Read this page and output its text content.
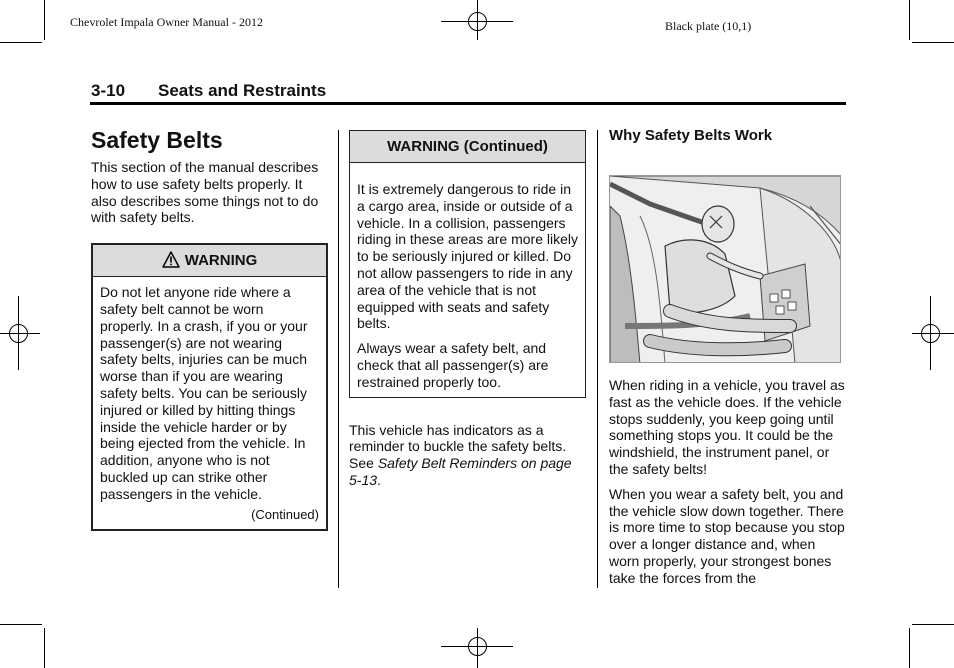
Chevrolet Impala Owner Manual - 2012	Black plate (10,1)
3-10 Seats and Restraints
Safety Belts

This section of the manual describes how to use safety belts properly. It also describes some things not to do with safety belts.

WARNING

Do not let anyone ride where a safety belt cannot be worn properly. In a crash, if you or your passenger(s) are not wearing safety belts, injuries can be much worse than if you are wearing safety belts. You can be seriously injured or killed by hitting things inside the vehicle harder or by being ejected from the vehicle. In addition, anyone who is not buckled up can strike other passengers in the vehicle.

(Continued)
WARNING (Continued)

It is extremely dangerous to ride in a cargo area, inside or outside of a vehicle. In a collision, passengers riding in these areas are more likely to be seriously injured or killed. Do not allow passengers to ride in any area of the vehicle that is not equipped with seats and safety belts.

Always wear a safety belt, and check that all passenger(s) are restrained properly too.

This vehicle has indicators as a reminder to buckle the safety belts. See Safety Belt Reminders on page 5-13.

Why Safety Belts Work

When riding in a vehicle, you travel as fast as the vehicle does. If the vehicle stops suddenly, you keep going until something stops you. It could be the windshield, the instrument panel, or the safety belts!

When you wear a safety belt, you and the vehicle slow down together. There is more time to stop because you stop over a longer distance and, when worn properly, your strongest bones take the forces from the
